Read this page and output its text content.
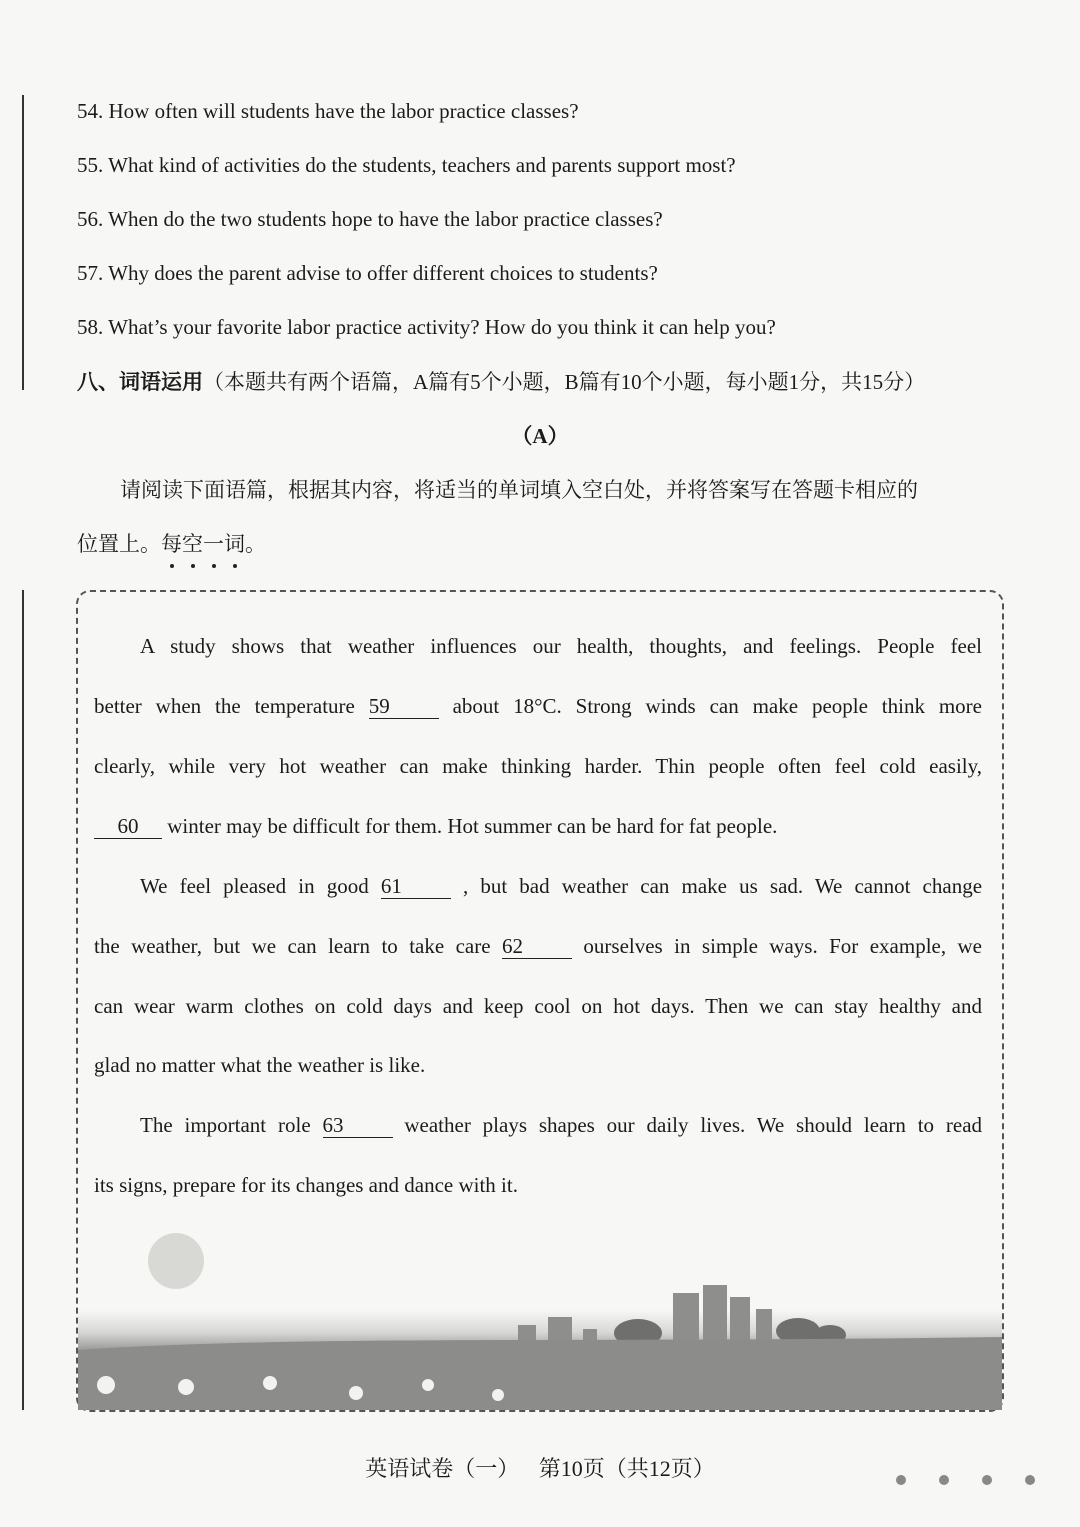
54. How often will students have the labor practice classes?
55. What kind of activities do the students, teachers and parents support most?
56. When do the two students hope to have the labor practice classes?
57. Why does the parent advise to offer different choices to students?
58. What’s your favorite labor practice activity? How do you think it can help you?
八、词语运用（本题共有两个语篇，A篇有5个小题，B篇有10个小题，每小题1分，共15分）
（A）
请阅读下面语篇，根据其内容，将适当的单词填入空白处，并将答案写在答题卡相应的
位置上。每空一词。
A study shows that weather influences our health, thoughts, and feelings. People feel
better when the temperature 59	about 18°C. Strong winds can make people think more
clearly, while very hot weather can make thinking harder. Thin people often feel cold easily,
60 winter may be difficult for them. Hot summer can be hard for fat people.
We feel pleased in good 61	, but bad weather can make us sad. We cannot change
the weather, but we can learn to take care 62	ourselves in simple ways. For example, we
can wear warm clothes on cold days and keep cool on hot days. Then we can stay healthy and
glad no matter what the weather is like.
The important role 63	weather plays shapes our daily lives. We should learn to read
its signs, prepare for its changes and dance with it.
英语试卷（一） 第10页（共12页）
